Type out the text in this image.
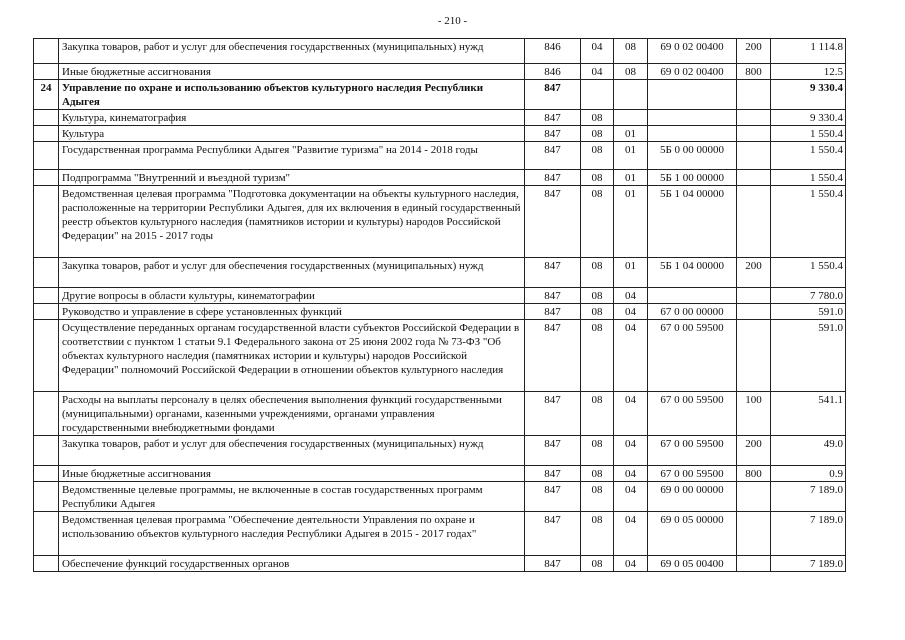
- 210 -
	Закупка товаров, работ и услуг для обеспечения государственных (муниципальных) нужд	846	04	08	69 0 02 00400	200	1 114.8
	Иные бюджетные ассигнования	846	04	08	69 0 02 00400	800	12.5
24	Управление по охране и использованию объектов культурного наследия Республики Адыгея	847					9 330.4
	Культура, кинематография	847	08				9 330.4
	Культура	847	08	01			1 550.4
	Государственная программа Республики Адыгея "Развитие туризма" на 2014 - 2018 годы	847	08	01	5Б 0 00 00000		1 550.4
	Подпрограмма "Внутренний и въездной туризм"	847	08	01	5Б 1 00 00000		1 550.4
	Ведомственная целевая программа "Подготовка документации на объекты культурного наследия, расположенные на территории Республики Адыгея, для их включения в единый государственный реестр объектов культурного наследия (памятников истории и культуры) народов Российской Федерации" на 2015 - 2017 годы	847	08	01	5Б 1 04 00000		1 550.4
	Закупка товаров, работ и услуг для обеспечения государственных (муниципальных) нужд	847	08	01	5Б 1 04 00000	200	1 550.4
	Другие вопросы в области культуры, кинематографии	847	08	04			7 780.0
	Руководство и управление в сфере установленных функций	847	08	04	67 0 00 00000		591.0
	Осуществление переданных органам государственной власти субъектов Российской Федерации в соответствии с пунктом 1 статьи 9.1 Федерального закона от 25 июня 2002 года № 73-ФЗ "Об объектах культурного наследия (памятниках истории и культуры) народов Российской Федерации" полномочий Российской Федерации в отношении объектов культурного наследия	847	08	04	67 0 00 59500		591.0
	Расходы на выплаты персоналу в целях обеспечения выполнения функций государственными (муниципальными) органами, казенными учреждениями, органами управления государственными внебюджетными фондами	847	08	04	67 0 00 59500	100	541.1
	Закупка товаров, работ и услуг для обеспечения государственных (муниципальных) нужд	847	08	04	67 0 00 59500	200	49.0
	Иные бюджетные ассигнования	847	08	04	67 0 00 59500	800	0.9
	Ведомственные целевые программы, не включенные в состав государственных программ Республики Адыгея	847	08	04	69 0 00 00000		7 189.0
	Ведомственная целевая программа "Обеспечение деятельности Управления по охране и использованию объектов культурного наследия Республики Адыгея в 2015 - 2017 годах"	847	08	04	69 0 05 00000		7 189.0
	Обеспечение функций государственных органов	847	08	04	69 0 05 00400		7 189.0
